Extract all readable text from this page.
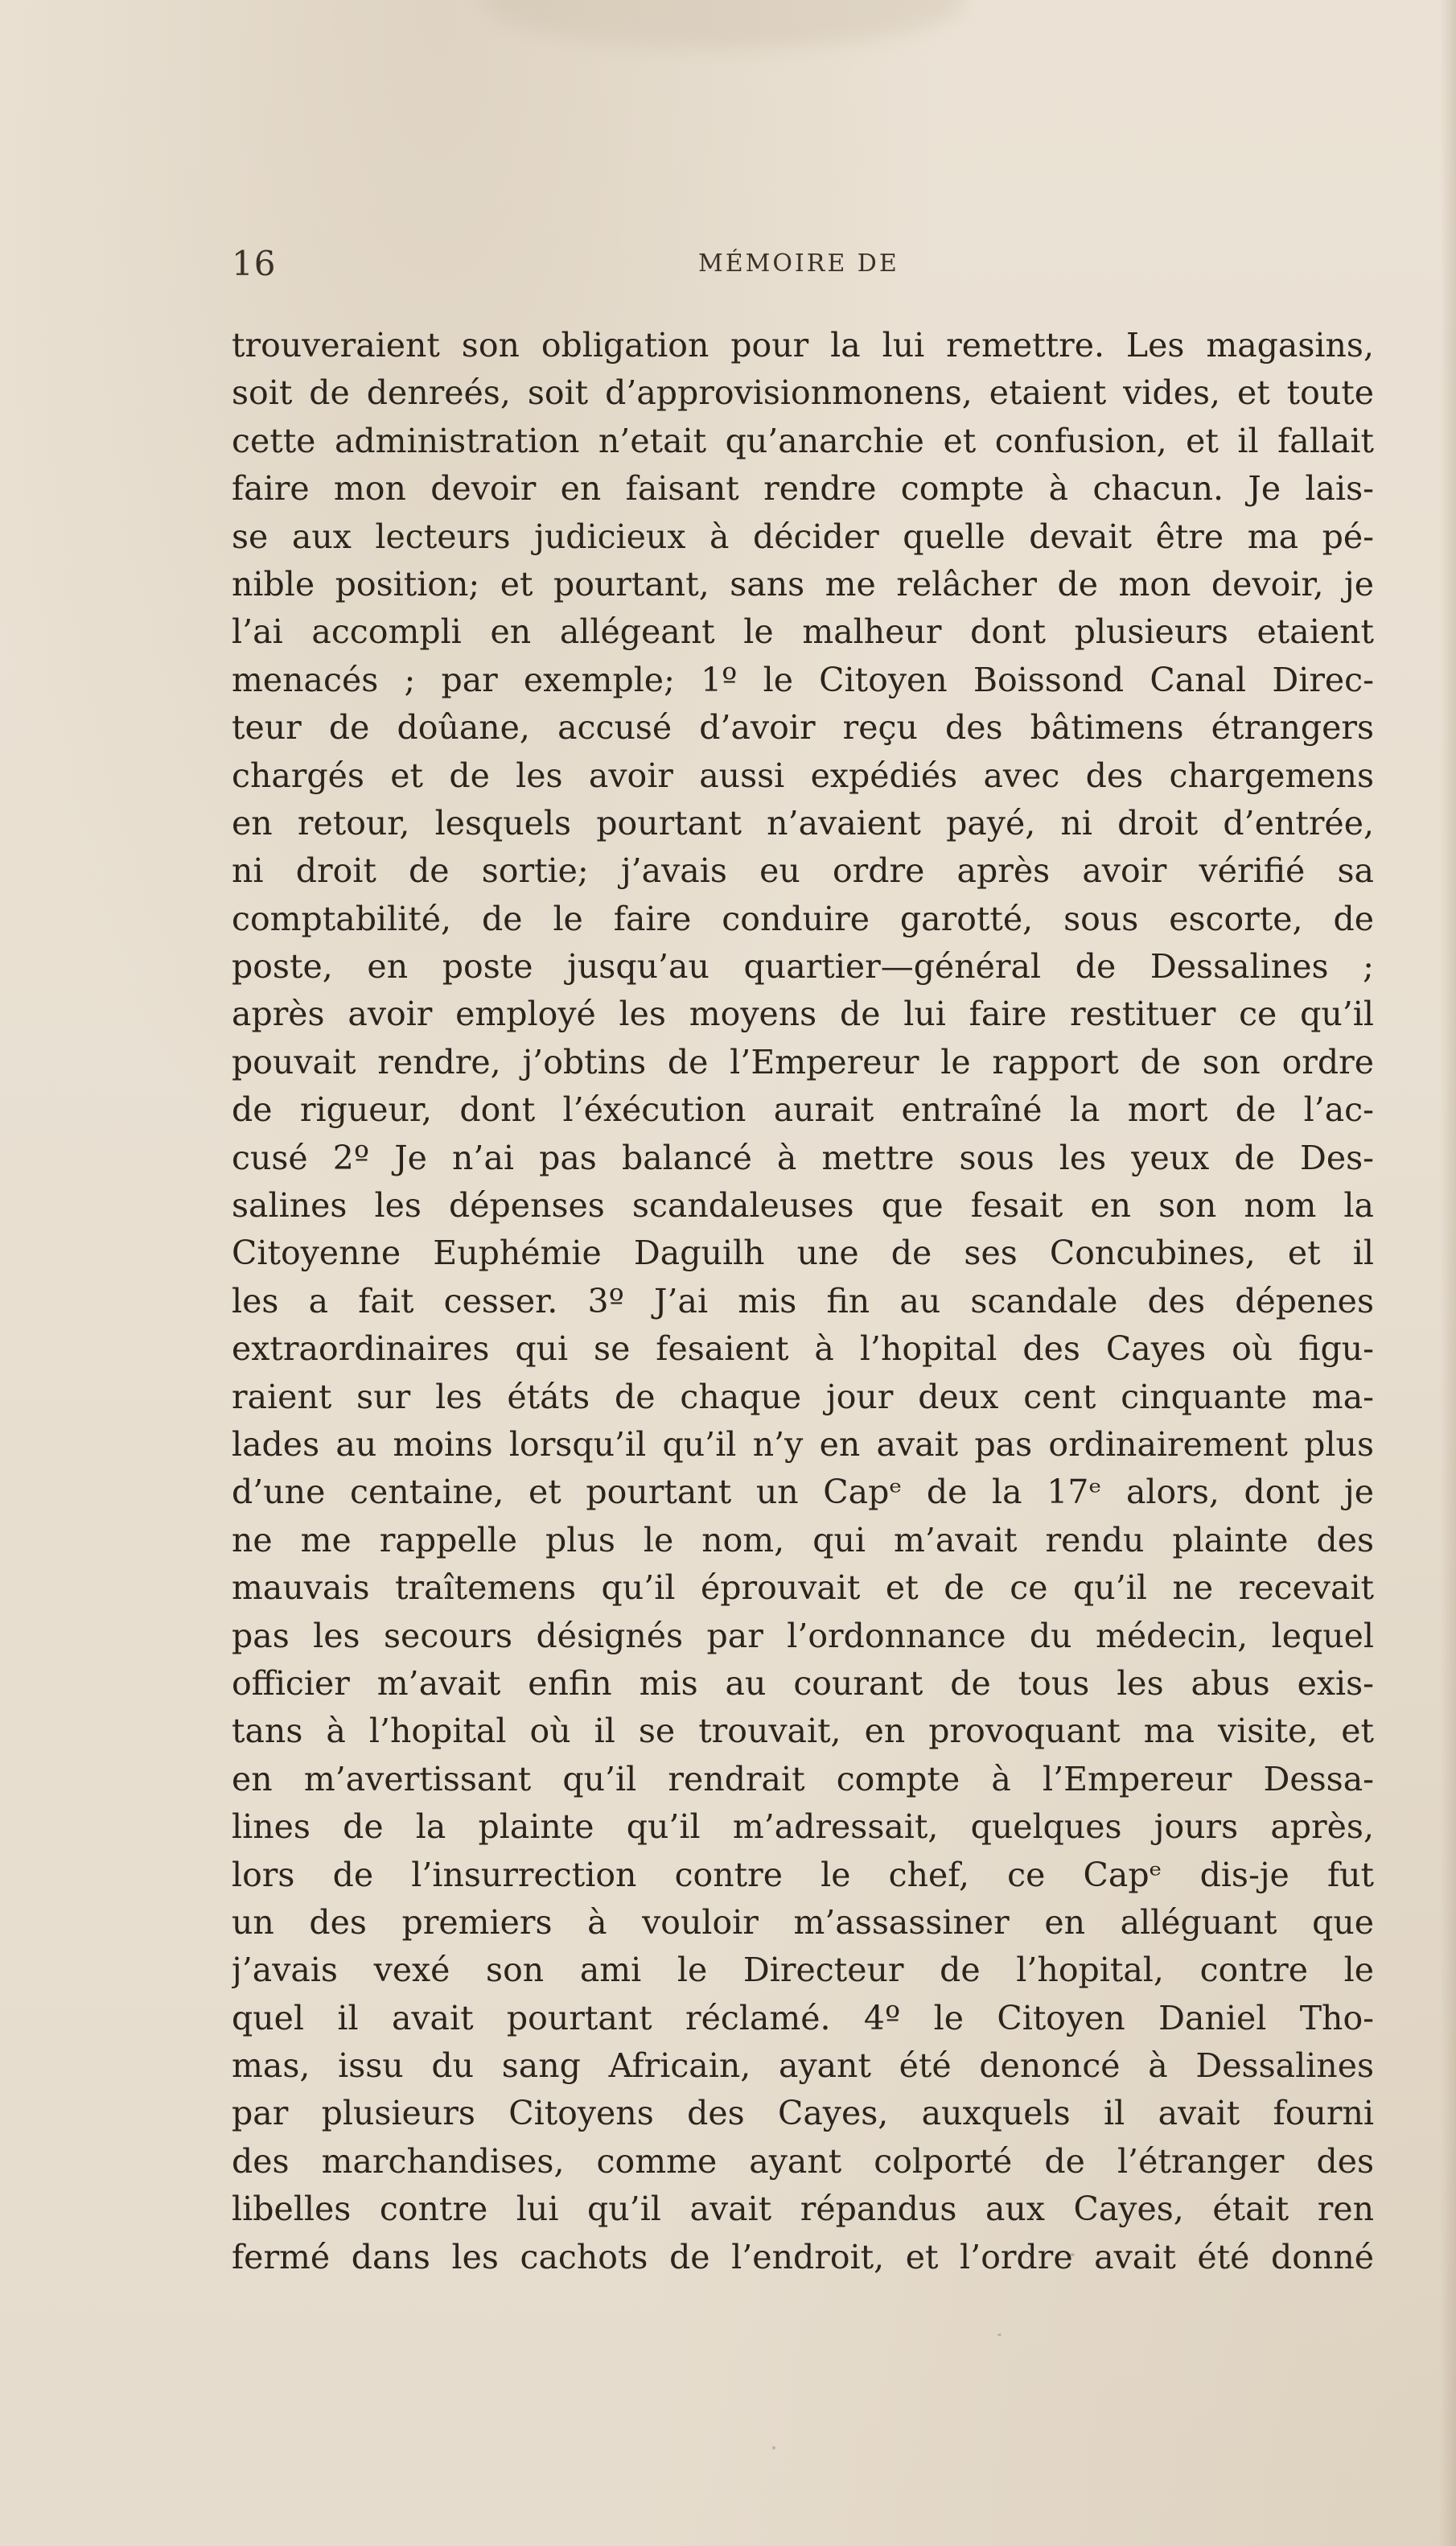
16	MÉMOIRE DE
trouveraient son obligation pour la lui remettre. Les magasins,
soit de denreés, soit d’approvisionmonens, etaient vides, et toute
cette administration n’etait qu’anarchie et confusion, et il fallait
faire mon devoir en faisant rendre compte à chacun. Je lais-
se aux lecteurs judicieux à décider quelle devait être ma pé-
nible position; et pourtant, sans me relâcher de mon devoir, je
l’ai accompli en allégeant le malheur dont plusieurs etaient
menacés ; par exemple; 1º le Citoyen Boissond Canal Direc-
teur de doûane, accusé d’avoir reçu des bâtimens étrangers
chargés et de les avoir aussi expédiés avec des chargemens
en retour, lesquels pourtant n’avaient payé, ni droit d’entrée,
ni droit de sortie; j’avais eu ordre après avoir vérifié sa
comptabilité, de le faire conduire garotté, sous escorte, de
poste, en poste jusqu’au quartier—général de Dessalines ;
après avoir employé les moyens de lui faire restituer ce qu’il
pouvait rendre, j’obtins de l’Empereur le rapport de son ordre
de rigueur, dont l’éxécution aurait entraîné la mort de l’ac-
cusé 2º Je n’ai pas balancé à mettre sous les yeux de Des-
salines les dépenses scandaleuses que fesait en son nom la
Citoyenne Euphémie Daguilh une de ses Concubines, et il
les a fait cesser. 3º J’ai mis fin au scandale des dépenes
extraordinaires qui se fesaient à l’hopital des Cayes où figu-
raient sur les étáts de chaque jour deux cent cinquante ma-
lades au moins lorsqu’il qu’il n’y en avait pas ordinairement plus
d’une centaine, et pourtant un Capᵉ de la 17ᵉ alors, dont je
ne me rappelle plus le nom, qui m’avait rendu plainte des
mauvais traîtemens qu’il éprouvait et de ce qu’il ne recevait
pas les secours désignés par l’ordonnance du médecin, lequel
officier m’avait enfin mis au courant de tous les abus exis-
tans à l’hopital où il se trouvait, en provoquant ma visite, et
en m’avertissant qu’il rendrait compte à l’Empereur Dessa-
lines de la plainte qu’il m’adressait, quelques jours après,
lors de l’insurrection contre le chef, ce Capᵉ dis-je fut
un des premiers à vouloir m’assassiner en alléguant que
j’avais vexé son ami le Directeur de l’hopital, contre le
quel il avait pourtant réclamé. 4º le Citoyen Daniel Tho-
mas, issu du sang Africain, ayant été denoncé à Dessalines
par plusieurs Citoyens des Cayes, auxquels il avait fourni
des marchandises, comme ayant colporté de l’étranger des
libelles contre lui qu’il avait répandus aux Cayes, était ren
fermé dans les cachots de l’endroit, et l’ordre avait été donné
